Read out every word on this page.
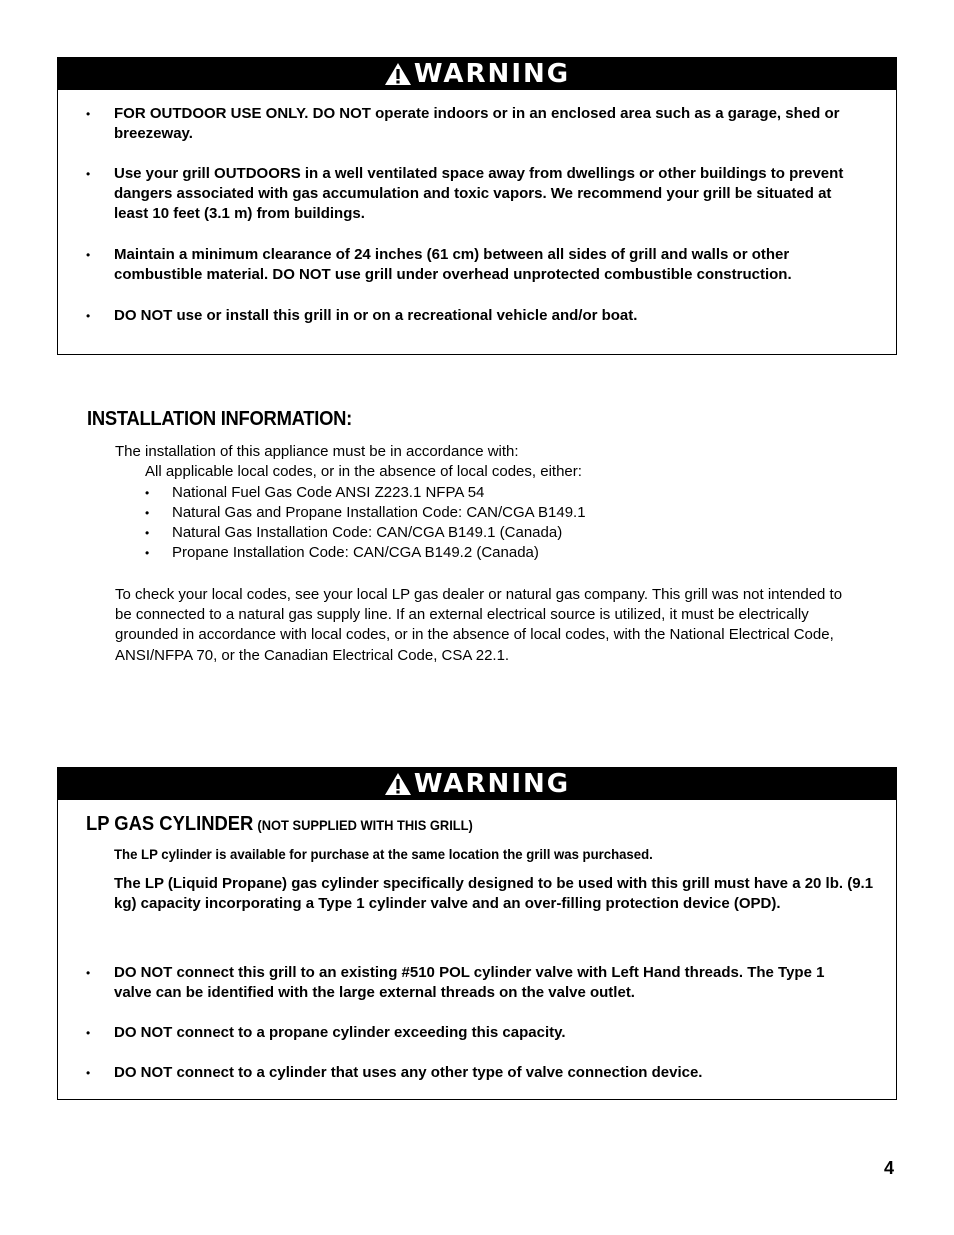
WARNING
• FOR OUTDOOR USE ONLY. DO NOT operate indoors or in an enclosed area such as a garage, shed or breezeway.
• Use your grill OUTDOORS in a well ventilated space away from dwellings or other buildings to prevent dangers associated with gas accumulation and toxic vapors. We recommend your grill be situated at least 10 feet (3.1 m) from buildings.
• Maintain a minimum clearance of 24 inches (61 cm) between all sides of grill and walls or other combustible material. DO NOT use grill under overhead unprotected combustible construction.
• DO NOT use or install this grill in or on a recreational vehicle and/or boat.
INSTALLATION INFORMATION:

The installation of this appliance must be in accordance with:

All applicable local codes, or in the absence of local codes, either:

• National Fuel Gas Code ANSI Z223.1 NFPA 54
• Natural Gas and Propane Installation Code: CAN/CGA B149.1
• Natural Gas Installation Code: CAN/CGA B149.1 (Canada)
• Propane Installation Code: CAN/CGA B149.2 (Canada)

To check your local codes, see your local LP gas dealer or natural gas company. This grill was not intended to be connected to a natural gas supply line. If an external electrical source is utilized, it must be electrically grounded in accordance with local codes, or in the absence of local codes, with the National Electrical Code, ANSI/NFPA 70, or the Canadian Electrical Code, CSA 22.1.

WARNING
LP GAS CYLINDER (NOT SUPPLIED WITH THIS GRILL)
The LP cylinder is available for purchase at the same location the grill was purchased.
The LP (Liquid Propane) gas cylinder specifically designed to be used with this grill must have a 20 lb. (9.1 kg) capacity incorporating a Type 1 cylinder valve and an over-filling protection device (OPD).
• DO NOT connect this grill to an existing #510 POL cylinder valve with Left Hand threads. The Type 1 valve can be identified with the large external threads on the valve outlet.
• DO NOT connect to a propane cylinder exceeding this capacity.
• DO NOT connect to a cylinder that uses any other type of valve connection device.
4
